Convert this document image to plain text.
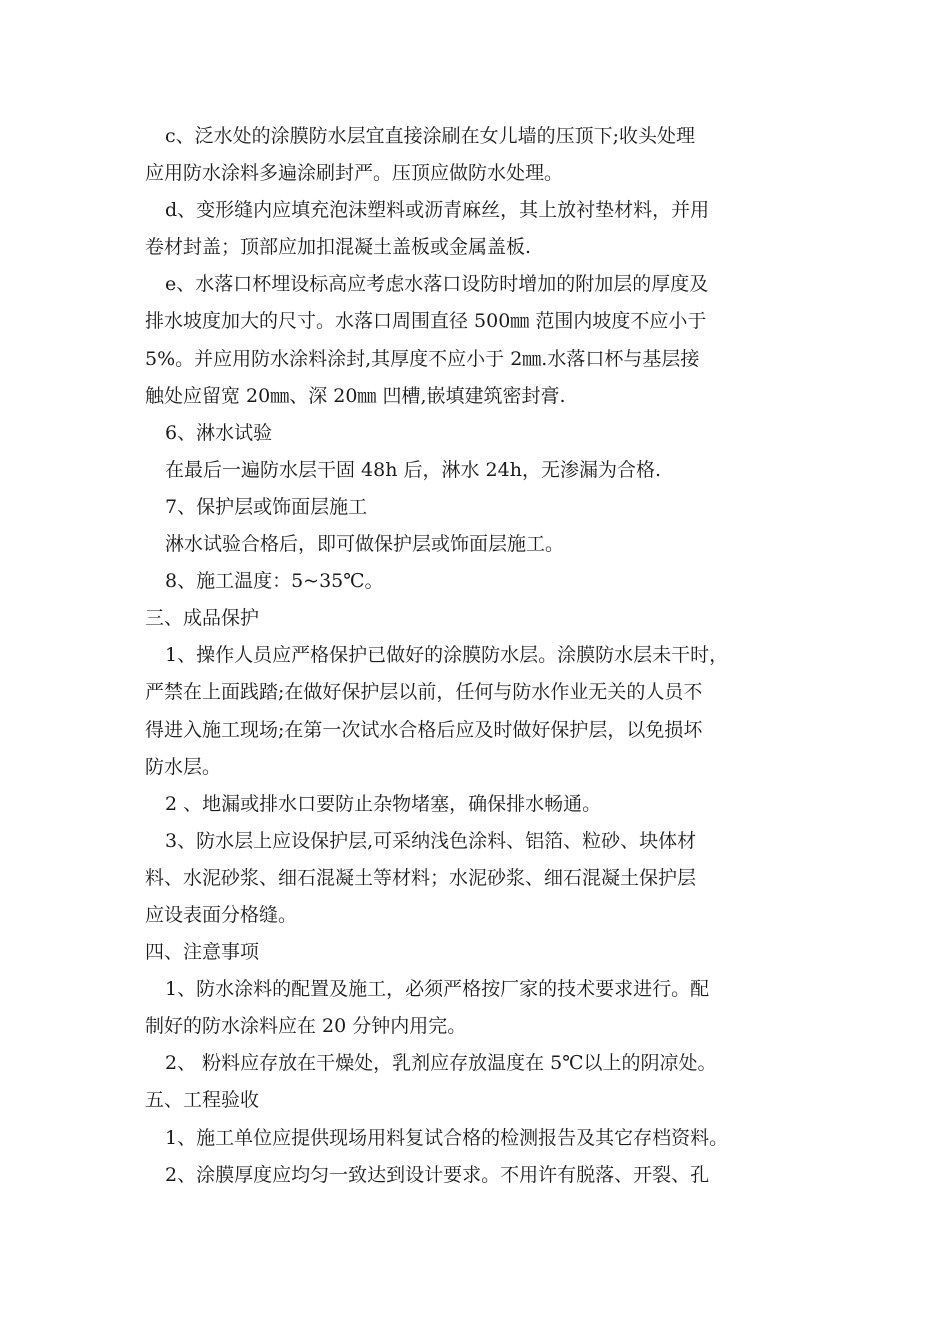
c、泛水处的涂膜防水层宜直接涂刷在女儿墙的压顶下;收头处理
应用防水涂料多遍涂刷封严。压顶应做防水处理。
d、变形缝内应填充泡沫塑料或沥青麻丝，其上放衬垫材料，并用
卷材封盖；顶部应加扣混凝土盖板或金属盖板.
e、水落口杯埋设标高应考虑水落口设防时增加的附加层的厚度及
排水坡度加大的尺寸。水落口周围直径 500㎜ 范围内坡度不应小于
5%。并应用防水涂料涂封,其厚度不应小于 2㎜.水落口杯与基层接
触处应留宽 20㎜、深 20㎜ 凹槽,嵌填建筑密封膏.
6、淋水试验
在最后一遍防水层干固 48h 后，淋水 24h，无渗漏为合格.
7、保护层或饰面层施工
淋水试验合格后，即可做保护层或饰面层施工。
8、施工温度：5~35℃。
三、成品保护
1、操作人员应严格保护已做好的涂膜防水层。涂膜防水层未干时，
严禁在上面践踏;在做好保护层以前，任何与防水作业无关的人员不
得进入施工现场;在第一次试水合格后应及时做好保护层，以免损坏
防水层。
2 、地漏或排水口要防止杂物堵塞，确保排水畅通。
3、防水层上应设保护层,可采纳浅色涂料、铝箔、粒砂、块体材
料、水泥砂浆、细石混凝土等材料；水泥砂浆、细石混凝土保护层
应设表面分格缝。
四、注意事项
1、防水涂料的配置及施工，必须严格按厂家的技术要求进行。配
制好的防水涂料应在 20 分钟内用完。
2、 粉料应存放在干燥处，乳剂应存放温度在 5℃以上的阴凉处。
五、工程验收
1、施工单位应提供现场用料复试合格的检测报告及其它存档资料。
2、涂膜厚度应均匀一致达到设计要求。不用许有脱落、开裂、孔
